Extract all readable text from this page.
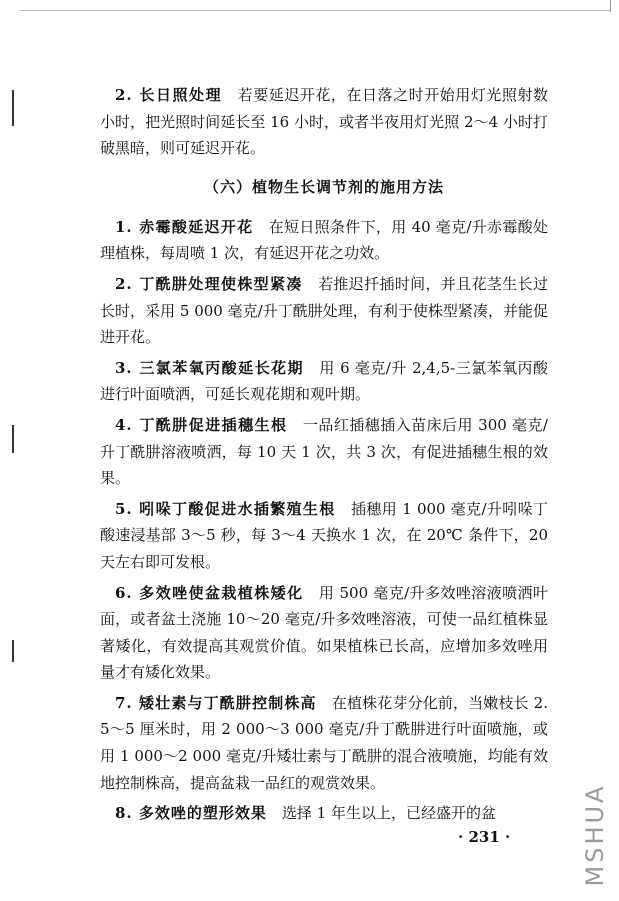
2. 长日照处理  若要延迟开花，在日落之时开始用灯光照射数小时，把光照时间延长至 16 小时，或者半夜用灯光照 2～4 小时打破黑暗，则可延迟开花。

（六）植物生长调节剂的施用方法

1. 赤霉酸延迟开花  在短日照条件下，用 40 毫克/升赤霉酸处理植株，每周喷 1 次，有延迟开花之功效。

2. 丁酰肼处理使株型紧凑  若推迟扦插时间，并且花茎生长过长时，采用 5 000 毫克/升丁酰肼处理，有利于使株型紧凑，并能促进开花。

3. 三氯苯氧丙酸延长花期  用 6 毫克/升 2,4,5-三氯苯氧丙酸进行叶面喷洒，可延长观花期和观叶期。

4. 丁酰肼促进插穗生根  一品红插穗插入苗床后用 300 毫克/升丁酰肼溶液喷洒，每 10 天 1 次，共 3 次，有促进插穗生根的效果。

5. 吲哚丁酸促进水插繁殖生根  插穗用 1 000 毫克/升吲哚丁酸速浸基部 3～5 秒，每 3～4 天换水 1 次，在 20℃ 条件下，20 天左右即可发根。

6. 多效唑使盆栽植株矮化  用 500 毫克/升多效唑溶液喷洒叶面，或者盆土浇施 10～20 毫克/升多效唑溶液，可使一品红植株显著矮化，有效提高其观赏价值。如果植株已长高，应增加多效唑用量才有矮化效果。

7. 矮壮素与丁酰肼控制株高  在植株花芽分化前，当嫩枝长 2.5～5 厘米时，用 2 000～3 000 毫克/升丁酰肼进行叶面喷施，或用 1 000～2 000 毫克/升矮壮素与丁酰肼的混合液喷施，均能有效地控制株高，提高盆栽一品红的观赏效果。

8. 多效唑的塑形效果  选择 1 年生以上，已经盛开的盆

· 231 ·	MSHUA
